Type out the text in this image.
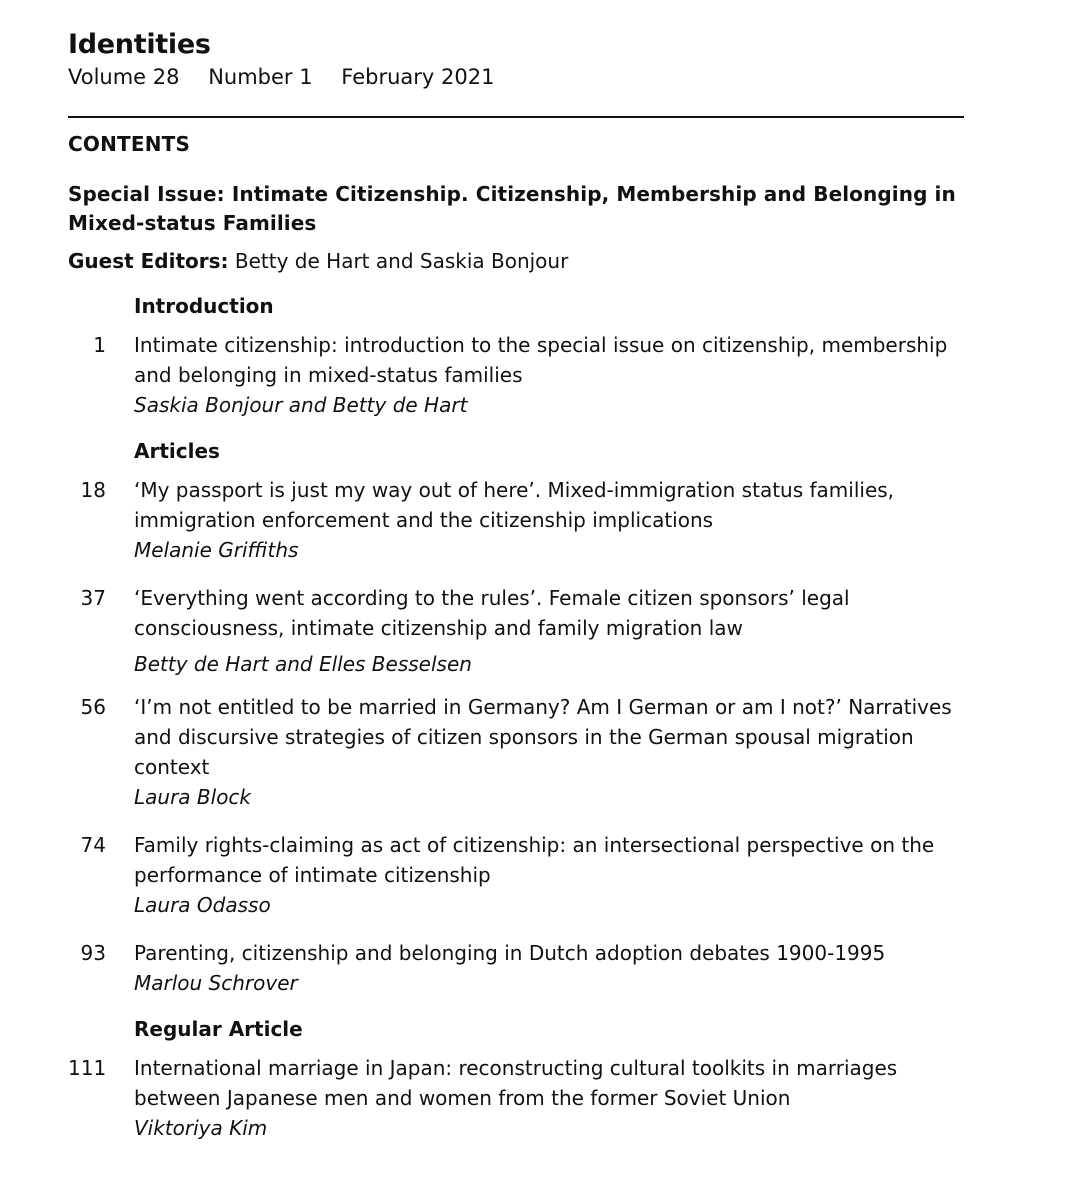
Identities
Volume 28 Number 1 February 2021
CONTENTS
Special Issue: Intimate Citizenship. Citizenship, Membership and Belonging in Mixed-status Families
Guest Editors: Betty de Hart and Saskia Bonjour
Introduction
1 Intimate citizenship: introduction to the special issue on citizenship, membership and belonging in mixed-status families
Saskia Bonjour and Betty de Hart
Articles
18 ‘My passport is just my way out of here’. Mixed-immigration status families, immigration enforcement and the citizenship implications
Melanie Griffiths
37 ‘Everything went according to the rules’. Female citizen sponsors’ legal consciousness, intimate citizenship and family migration law
Betty de Hart and Elles Besselsen
56 ‘I’m not entitled to be married in Germany? Am I German or am I not?’ Narratives and discursive strategies of citizen sponsors in the German spousal migration context
Laura Block
74 Family rights-claiming as act of citizenship: an intersectional perspective on the performance of intimate citizenship
Laura Odasso
93 Parenting, citizenship and belonging in Dutch adoption debates 1900-1995
Marlou Schrover
Regular Article
111 International marriage in Japan: reconstructing cultural toolkits in marriages between Japanese men and women from the former Soviet Union
Viktoriya Kim
